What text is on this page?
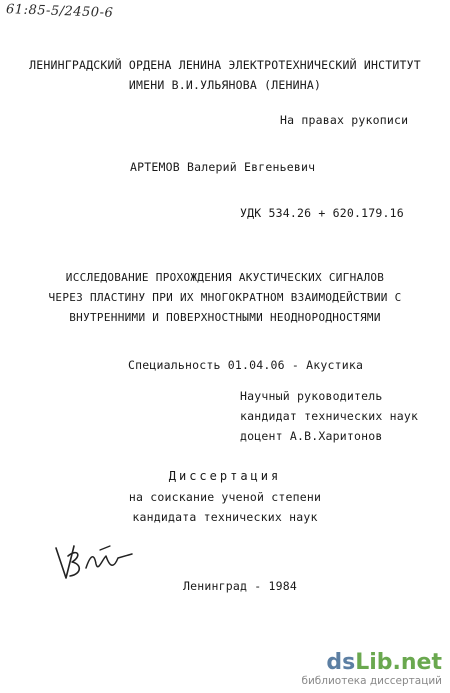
61:85-5/2450-6
ЛЕНИНГРАДСКИЙ ОРДЕНА ЛЕНИНА ЭЛЕКТРОТЕХНИЧЕСКИЙ ИНСТИТУТ
ИМЕНИ В.И.УЛЬЯНОВА (ЛЕНИНА)
На правах рукописи
АРТЕМОВ Валерий Евгеньевич
УДК 534.26 + 620.179.16
ИССЛЕДОВАНИЕ ПРОХОЖДЕНИЯ АКУСТИЧЕСКИХ СИГНАЛОВ
ЧЕРЕЗ ПЛАСТИНУ ПРИ ИХ МНОГОКРАТНОМ ВЗАИМОДЕЙСТВИИ С
ВНУТРЕННИМИ И ПОВЕРХНОСТНЫМИ НЕОДНОРОДНОСТЯМИ
Специальность 01.04.06 - Акустика
Научный руководитель
кандидат технических наук
доцент А.В.Харитонов
Диссертация
на соискание ученой степени
кандидата технических наук
Ленинград - 1984
dsLib.net
библиотека диссертаций
